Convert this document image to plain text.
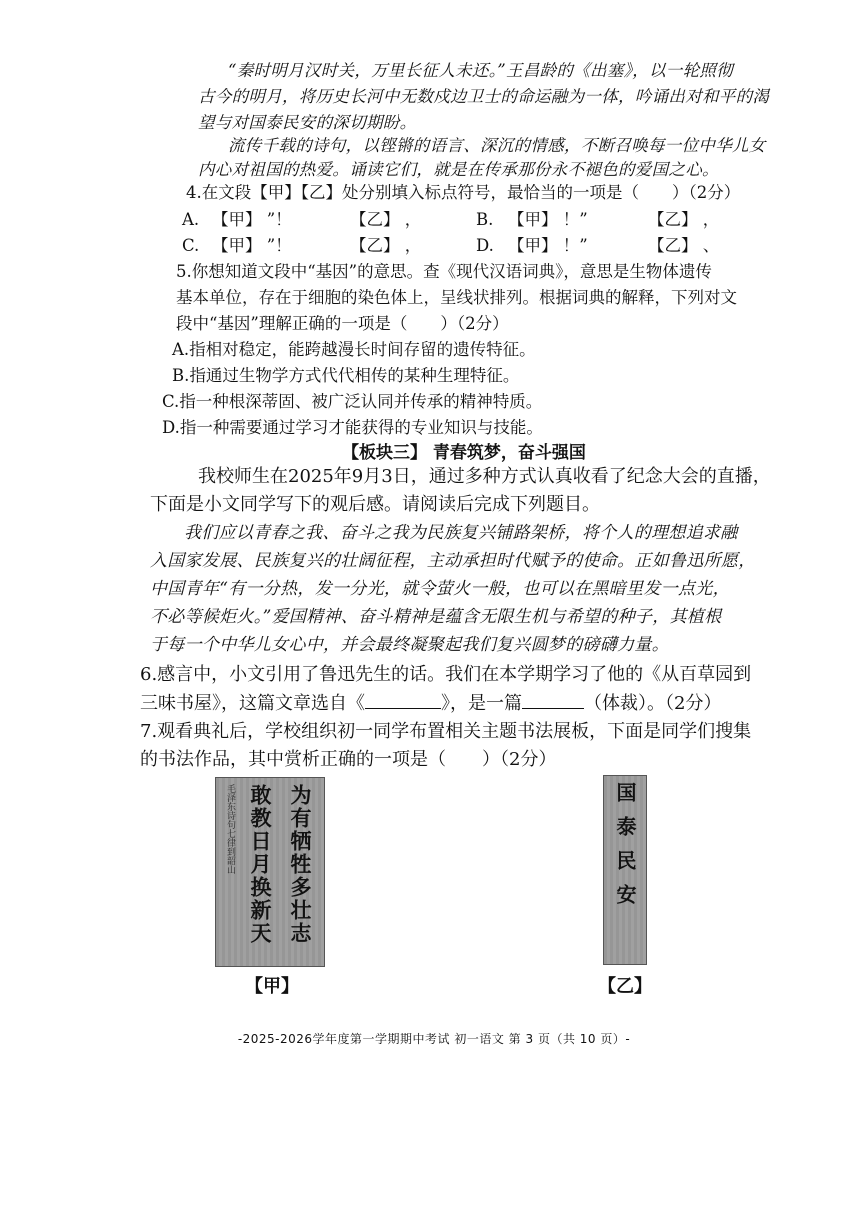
“秦时明月汉时关，万里长征人未还。”王昌龄的《出塞》，以一轮照彻
古今的明月，将历史长河中无数戍边卫士的命运融为一体，吟诵出对和平的渴
望与对国泰民安的深切期盼。
流传千载的诗句，以铿锵的语言、深沉的情感，不断召唤每一位中华儿女
内心对祖国的热爱。诵读它们，就是在传承那份永不褪色的爱国之心。
4.在文段【甲】【乙】处分别填入标点符号，最恰当的一项是（　　）（2分）
A. 【甲】 ”！	【乙】 ，	B. 【甲】 ！”	【乙】 ，
C. 【甲】 ”！	【乙】 ，	D. 【甲】 ！”	【乙】 、
5.你想知道文段中“基因”的意思。查《现代汉语词典》，意思是生物体遗传
基本单位，存在于细胞的染色体上，呈线状排列。根据词典的解释，下列对文
段中“基因”理解正确的一项是（　　）（2分）
A.指相对稳定，能跨越漫长时间存留的遗传特征。
B.指通过生物学方式代代相传的某种生理特征。
C.指一种根深蒂固、被广泛认同并传承的精神特质。
D.指一种需要通过学习才能获得的专业知识与技能。
【板块三】 青春筑梦，奋斗强国
我校师生在2025年9月3日，通过多种方式认真收看了纪念大会的直播，
下面是小文同学写下的观后感。请阅读后完成下列题目。
我们应以青春之我、奋斗之我为民族复兴铺路架桥，将个人的理想追求融
入国家发展、民族复兴的壮阔征程，主动承担时代赋予的使命。正如鲁迅所愿，
中国青年“有一分热，发一分光，就令萤火一般，也可以在黑暗里发一点光，
不必等候炬火。”爱国精神、奋斗精神是蕴含无限生机与希望的种子，其植根
于每一个中华儿女心中，并会最终凝聚起我们复兴圆梦的磅礴力量。
6.感言中，小文引用了鲁迅先生的话。我们在本学期学习了他的《从百草园到
三味书屋》，这篇文章选自《	》，是一篇	（体裁）。（2分）
7.观看典礼后，学校组织初一同学布置相关主题书法展板，下面是同学们搜集
的书法作品，其中赏析正确的一项是（　　）（2分）
毛泽东诗句七律到韶山 敢教日月换新天 为有牺牲多壮志
【甲】
国泰民安
【乙】
-2025-2026学年度第一学期期中考试 初一语文 第 3 页（共 10 页）-
